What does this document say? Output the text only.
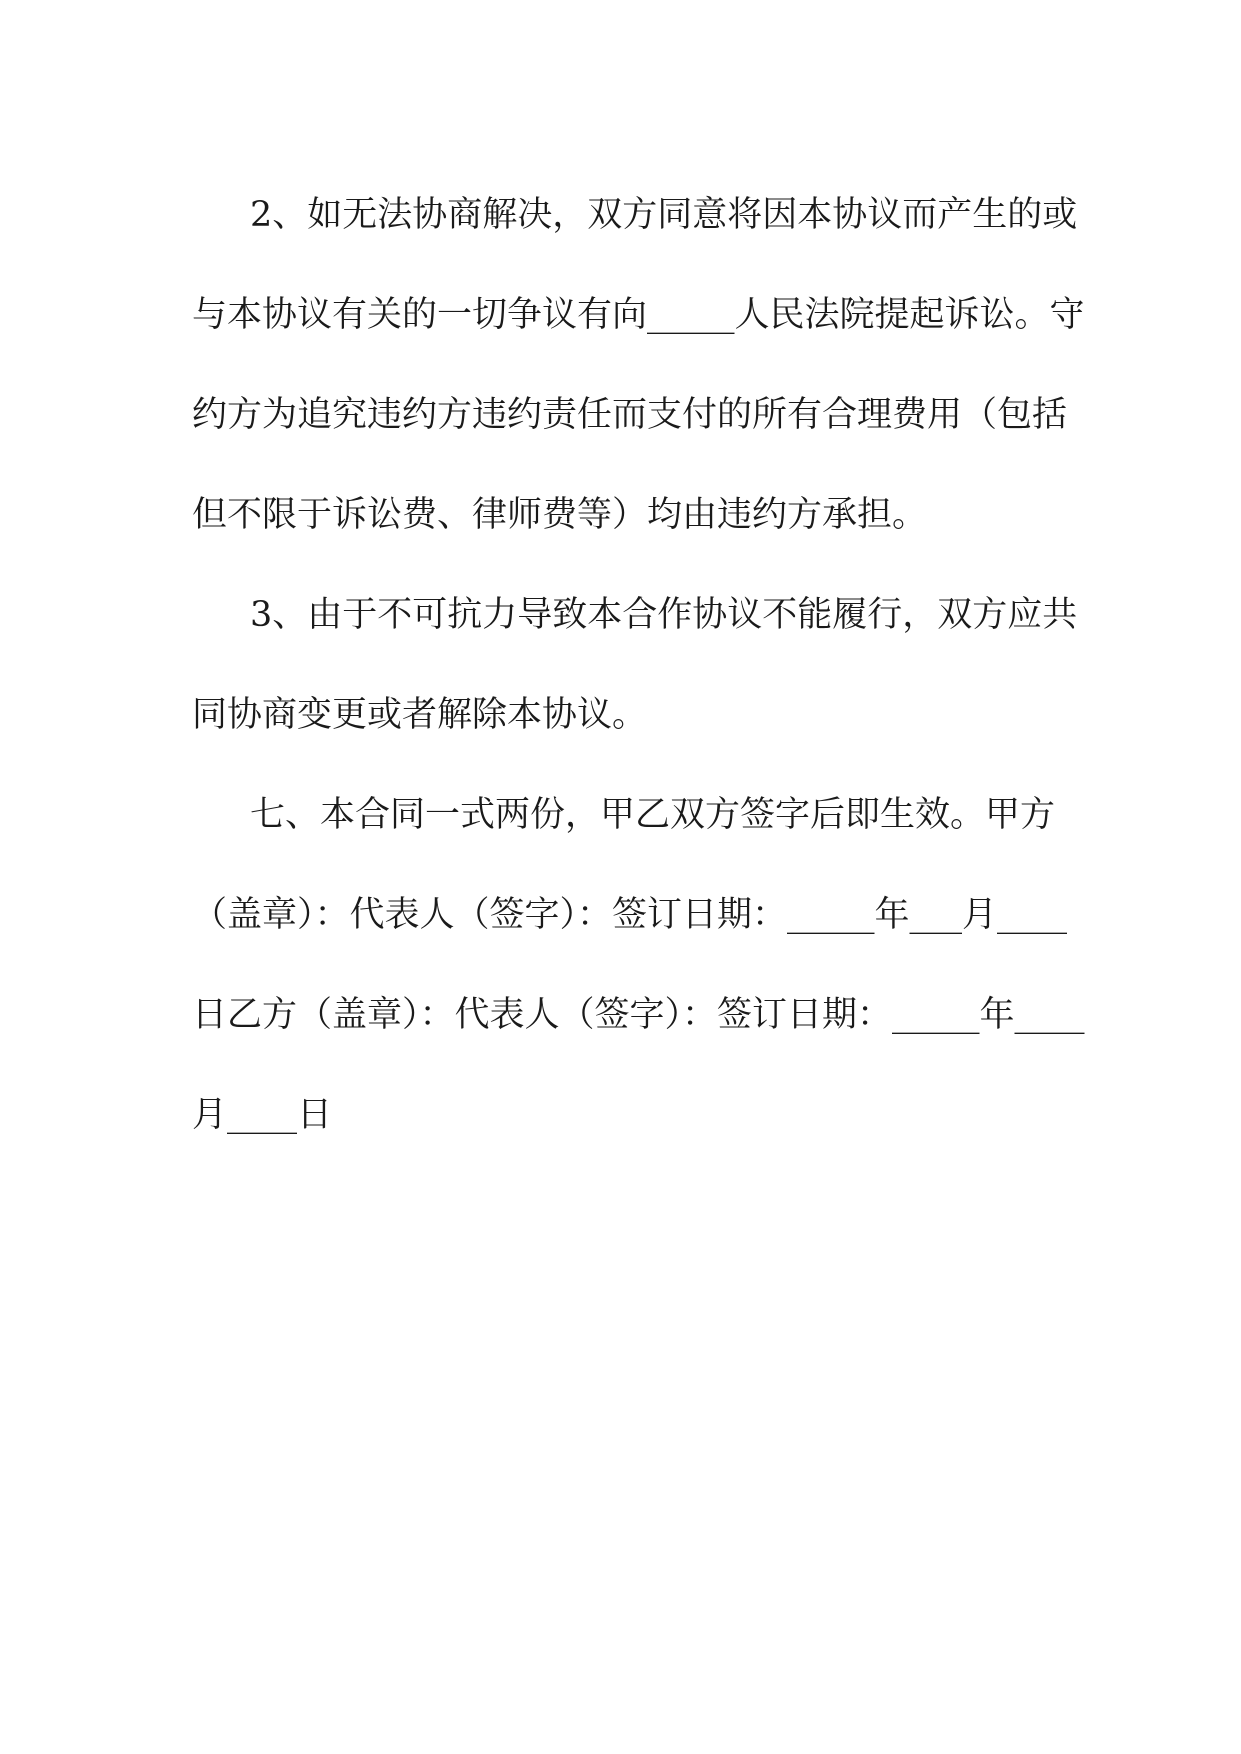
2、如无法协商解决，双方同意将因本协议而产生的或
与本协议有关的一切争议有向_____人民法院提起诉讼。守
约方为追究违约方违约责任而支付的所有合理费用（包括
但不限于诉讼费、律师费等）均由违约方承担。
3、由于不可抗力导致本合作协议不能履行，双方应共
同协商变更或者解除本协议。
七、本合同一式两份，甲乙双方签字后即生效。甲方
（盖章）：代表人（签字）：签订日期：_____年___月____
日乙方（盖章）：代表人（签字）：签订日期：_____年____
月____日
